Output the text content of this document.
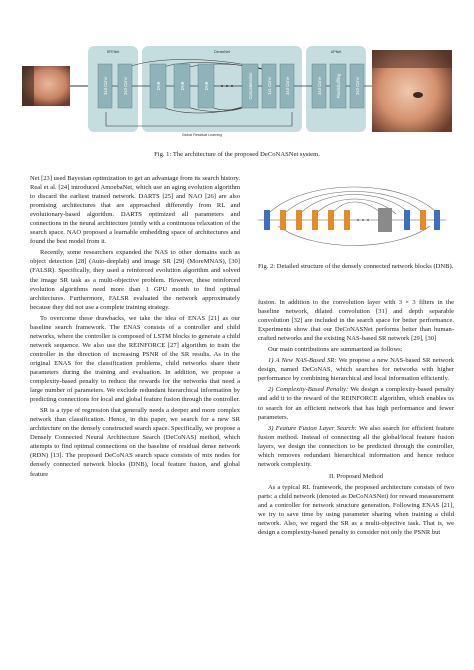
SFENet	DenseNet	UPNet
3x3 Conv	3x3 Conv	DNB	DNB	DNB	Concatenation	1x1 Conv	3x3 Conv	3x3 Conv	Pixelshuffling	3x3 Conv
Global Residual Learning
Fig. 1: The architecture of the proposed DeCoNASNet system.
Fig. 2: Detailed structure of the densely connected network blocks (DNB).

Net [23] used Bayesian optimization to get an advantage from its search history. Real et al. [24] introduced AmoebaNet, which use an aging evolution algorithm to discard the earliest trained network. DARTS [25] and NAO [26] are also promising architectures that are approached differently from RL and evolutionary-based algorithm. DARTS optimized all parameters and connections in the neural architecture jointly with a continuous relaxation of the search space. NAO proposed a learnable embedding space of architectures and found the best model from it.

Recently, some researchers expanded the NAS to other domains such as object detection [28] (Auto-deeplab) and image SR [29] (MoreMNAS), [30] (FALSR). Specifically, they used a reinforced evolution algorithm and solved the image SR task as a multi-objective problem. However, these reinforced evolution algorithms need more than 1 GPU month to find optimal architectures. Furthermore, FALSR evaluated the network approximately because they did not use a complete training strategy.

To overcome these drawbacks, we take the idea of ENAS [21] as our baseline search framework. The ENAS consists of a controller and child networks, where the controller is composed of LSTM blocks to generate a child network sequence. We also use the REINFORCE [27] algorithm to train the controller in the direction of increasing PSNR of the SR results. As in the original ENAS for the classification problems, child networks share their parameters during the training and evaluation. In addition, we propose a complexity-based penalty to reduce the rewards for the networks that need a large number of parameters. We exclude redundant hierarchical information by predicting connections for local and global feature fusion through the controller.

SR is a type of regression that generally needs a deeper and more complex network than classification. Hence, in this paper, we search for a new SR architecture on the densely constructed search space. Specifically, we propose a Densely Connected Neural Architecture Search (DeCoNAS) method, which attempts to find optimal connections on the baseline of residual dense network (RDN) [13]. The proposed DeCoNAS search space consists of mix nodes for densely connected network blocks (DNB), local feature fusion, and global feature

fusion. In addition to the convolution layer with 3 × 3 filters in the baseline network, dilated convolution [31] and depth separable convolution [32] are included in the search space for better performance. Experiments show that our DeCoNASNet performs better than human-crafted networks and the existing NAS-based SR network [29], [30]

Our main contributions are summarized as follows:

1) A New NAS-Based SR: We propose a new NAS-based SR network design, named DeCoNAS, which searches for networks with higher performance by combining hierarchical and local information efficiently.

2) Complexity-Based Penalty: We design a complexity-based penalty and add it to the reward of the REINFORCE algorithm, which enables us to search for an efficient network that has high performance and fewer parameters.

3) Feature Fusion Layer Search: We also search for efficient feature fusion method. Instead of connecting all the global/local feature fusion layers, we design the connection to be predicted through the controller, which removes redundant hierarchical information and hence reduce network complexity.

II. Proposed Method

As a typical RL framework, the proposed architecture consists of two parts: a child network (denoted as DeCoNASNet) for reward measurement and a controller for network structure generation. Following ENAS [21], we try to save time by using parameter sharing when training a child network. Also, we regard the SR as a multi-objective task. That is, we design a complexity-based penalty to consider not only the PSNR but
